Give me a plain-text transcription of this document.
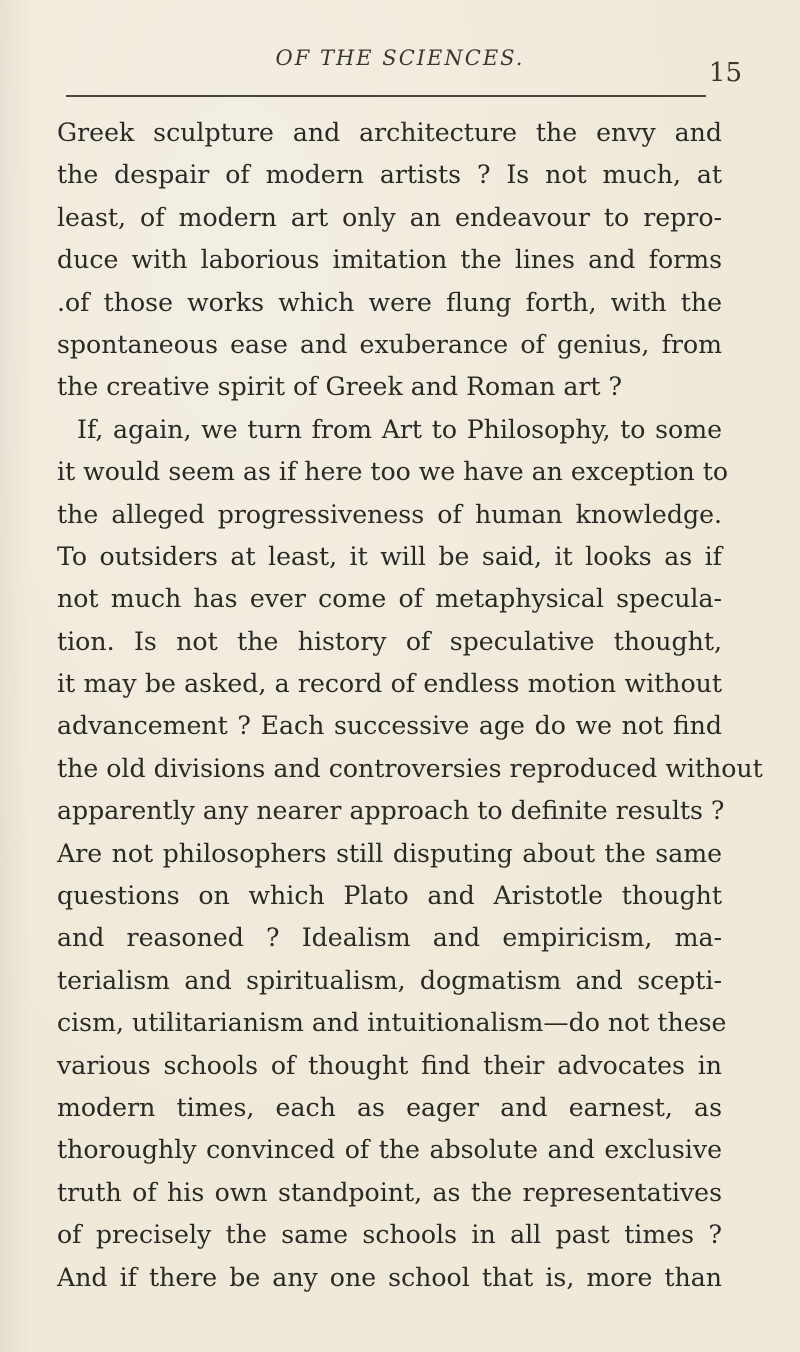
OF THE SCIENCES.	15
Greek sculpture and architecture the envy and
the despair of modern artists ? Is not much, at
least, of modern art only an endeavour to repro-
duce with laborious imitation the lines and forms
.of those works which were flung forth, with the
spontaneous ease and exuberance of genius, from
the creative spirit of Greek and Roman art ?
If, again, we turn from Art to Philosophy, to some
it would seem as if here too we have an exception to
the alleged progressiveness of human knowledge.
To outsiders at least, it will be said, it looks as if
not much has ever come of metaphysical specula-
tion. Is not the history of speculative thought,
it may be asked, a record of endless motion without
advancement ? Each successive age do we not find
the old divisions and controversies reproduced without
apparently any nearer approach to definite results ?
Are not philosophers still disputing about the same
questions on which Plato and Aristotle thought
and reasoned ? Idealism and empiricism, ma-
terialism and spiritualism, dogmatism and scepti-
cism, utilitarianism and intuitionalism—do not these
various schools of thought find their advocates in
modern times, each as eager and earnest, as
thoroughly convinced of the absolute and exclusive
truth of his own standpoint, as the representatives
of precisely the same schools in all past times ?
And if there be any one school that is, more than
